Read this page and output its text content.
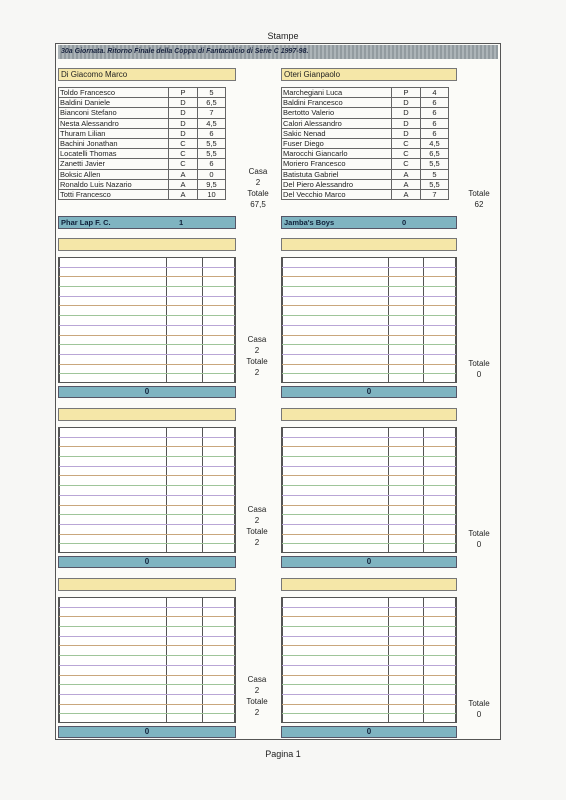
Stampe
30a Giornata. Ritorno Finale della Coppa di Fantacalcio di Serie C 1997-98.
Di Giacomo Marco
Toldo Francesco	P	5
Baldini Daniele	D	6,5
Bianconi Stefano	D	7
Nesta Alessandro	D	4,5
Thuram Lilian	D	6
Bachini Jonathan	C	5,5
Locatelli Thomas	C	5,5
Zanetti Javier	C	6
Boksic Allen	A	0
Ronaldo Luis Nazario	A	9,5
Totti Francesco	A	10
Phar Lap F. C.	1
Casa
2
Totale
67,5
Oteri Gianpaolo
Marchegiani Luca	P	4
Baldini Francesco	D	6
Bertotto Valerio	D	6
Calori Alessandro	D	6
Sakic Nenad	D	6
Fuser Diego	C	4,5
Marocchi Giancarlo	C	6,5
Moriero Francesco	C	5,5
Batistuta Gabriel	A	5
Del Piero Alessandro	A	5,5
Del Vecchio Marco	A	7
Jamba's Boys	0
Totale
62

0	0
Casa
2
Totale
2
Totale
0

0	0
Casa
2
Totale
2
Totale
0

0	0
Casa
2
Totale
2
Totale
0
Pagina 1
